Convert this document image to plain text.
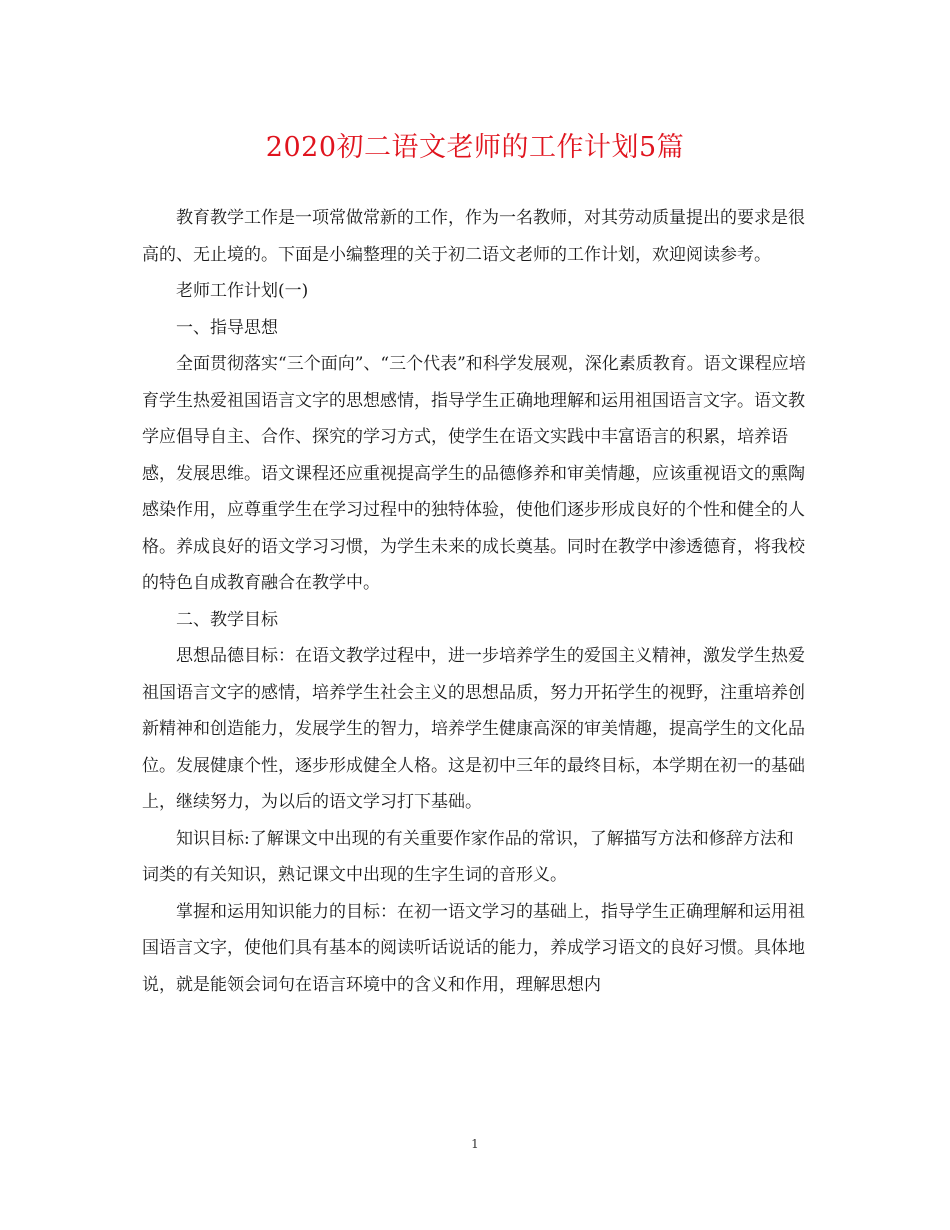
2020初二语文老师的工作计划5篇

教育教学工作是一项常做常新的工作，作为一名教师，对其劳动质量提出的要求是很高的、无止境的。下面是小编整理的关于初二语文老师的工作计划，欢迎阅读参考。

老师工作计划(一)

一、指导思想

全面贯彻落实“三个面向”、“三个代表”和科学发展观，深化素质教育。语文课程应培育学生热爱祖国语言文字的思想感情，指导学生正确地理解和运用祖国语言文字。语文教学应倡导自主、合作、探究的学习方式，使学生在语文实践中丰富语言的积累，培养语感，发展思维。语文课程还应重视提高学生的品德修养和审美情趣，应该重视语文的熏陶感染作用，应尊重学生在学习过程中的独特体验，使他们逐步形成良好的个性和健全的人格。养成良好的语文学习习惯，为学生未来的成长奠基。同时在教学中渗透德育，将我校的特色自成教育融合在教学中。

二、教学目标

思想品德目标：在语文教学过程中，进一步培养学生的爱国主义精神，激发学生热爱祖国语言文字的感情，培养学生社会主义的思想品质，努力开拓学生的视野，注重培养创新精神和创造能力，发展学生的智力，培养学生健康高深的审美情趣，提高学生的文化品位。发展健康个性，逐步形成健全人格。这是初中三年的最终目标，本学期在初一的基础上，继续努力，为以后的语文学习打下基础。

知识目标:了解课文中出现的有关重要作家作品的常识，了解描写方法和修辞方法和词类的有关知识，熟记课文中出现的生字生词的音形义。

掌握和运用知识能力的目标：在初一语文学习的基础上，指导学生正确理解和运用祖国语言文字，使他们具有基本的阅读听话说话的能力，养成学习语文的良好习惯。具体地说，就是能领会词句在语言环境中的含义和作用，理解思想内

1
